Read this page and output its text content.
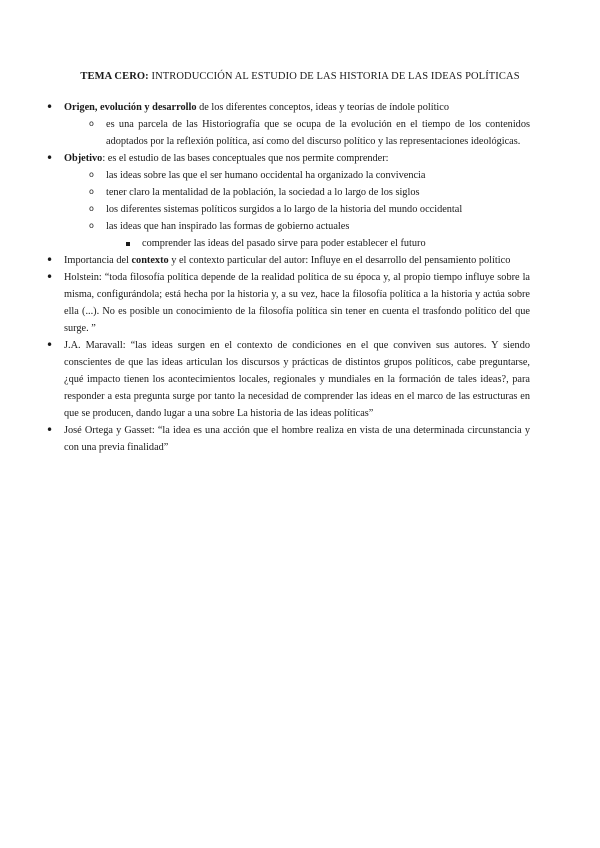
TEMA CERO: INTRODUCCIÓN AL ESTUDIO DE LAS HISTORIA DE LAS IDEAS POLÍTICAS
• Origen, evolución y desarrollo de los diferentes conceptos, ideas y teorías de índole político
o es una parcela de las Historiografía que se ocupa de la evolución en el tiempo de los contenidos adoptados por la reflexión política, así como del discurso político y las representaciones ideológicas.
• Objetivo: es el estudio de las bases conceptuales que nos permite comprender:
o las ideas sobre las que el ser humano occidental ha organizado la convivencia
o tener claro la mentalidad de la población, la sociedad a lo largo de los siglos
o los diferentes sistemas políticos surgidos a lo largo de la historia del mundo occidental
o las ideas que han inspirado las formas de gobierno actuales
comprender las ideas del pasado sirve para poder establecer el futuro
• Importancia del contexto y el contexto particular del autor: Influye en el desarrollo del pensamiento político
• Holstein: “toda filosofía política depende de la realidad política de su época y, al propio tiempo influye sobre la misma, configurándola; está hecha por la historia y, a su vez, hace la filosofía política a la historia y actúa sobre ella (...). No es posible un conocimiento de la filosofía política sin tener en cuenta el trasfondo político del que surge. ”
• J.A. Maravall: “las ideas surgen en el contexto de condiciones en el que conviven sus autores. Y siendo conscientes de que las ideas articulan los discursos y prácticas de distintos grupos políticos, cabe preguntarse, ¿qué impacto tienen los acontecimientos locales, regionales y mundiales en la formación de tales ideas?, para responder a esta pregunta surge por tanto la necesidad de comprender las ideas en el marco de las estructuras en que se producen, dando lugar a una sobre La historia de las ideas políticas”
• José Ortega y Gasset: “la idea es una acción que el hombre realiza en vista de una determinada circunstancia y con una previa finalidad”
